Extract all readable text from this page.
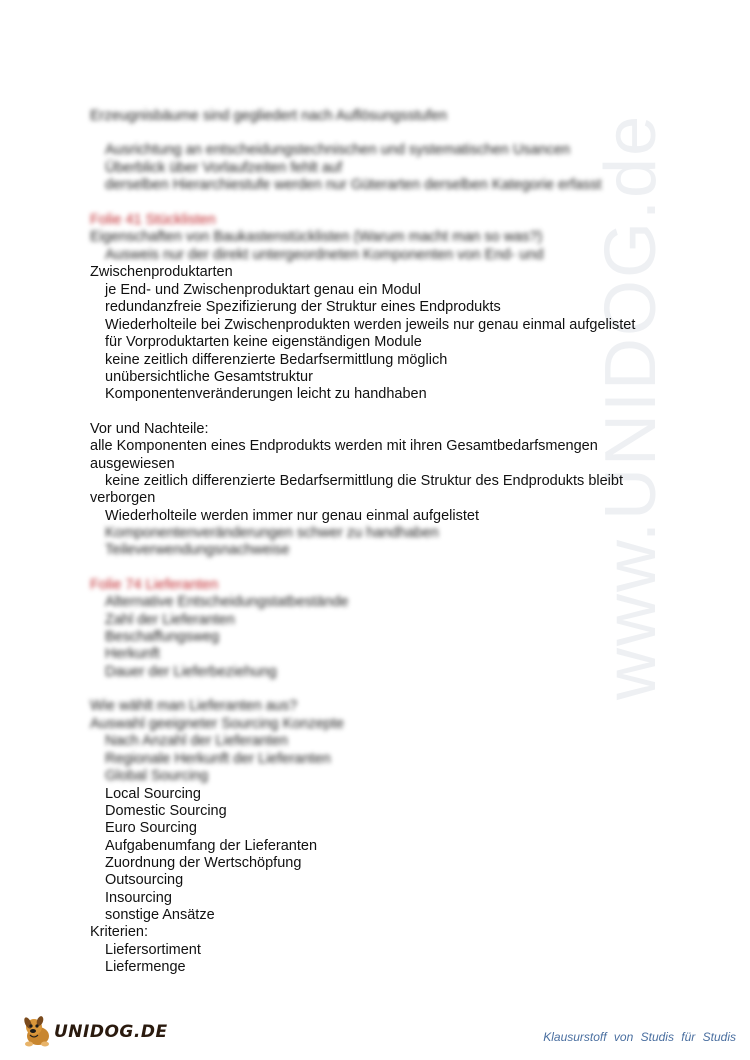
www.UNIDOG.de
Erzeugnisbäume sind gegliedert nach Auflösungsstufen
Ausrichtung an entscheidungstechnischen und systematischen Usancen
Überblick über Vorlaufzeiten fehlt auf
derselben Hierarchiestufe werden nur Güterarten derselben Kategorie erfasst
Folie 41 Stücklisten
Eigenschaften von Baukastenstücklisten (Warum macht man so was?)
Ausweis nur der direkt untergeordneten Komponenten von End- und
Zwischenproduktarten
je End- und Zwischenproduktart genau ein Modul
redundanzfreie Spezifizierung der Struktur eines Endprodukts
Wiederholteile bei Zwischenprodukten werden jeweils nur genau einmal aufgelistet
für Vorproduktarten keine eigenständigen Module
keine zeitlich differenzierte Bedarfsermittlung möglich
unübersichtliche Gesamtstruktur
Komponentenveränderungen leicht zu handhaben
Vor und Nachteile:
alle Komponenten eines Endprodukts werden mit ihren Gesamtbedarfsmengen
ausgewiesen
keine zeitlich differenzierte Bedarfsermittlung die Struktur des Endprodukts bleibt
verborgen
Wiederholteile werden immer nur genau einmal aufgelistet
Komponentenveränderungen schwer zu handhaben
Teileverwendungsnachweise
Folie 74 Lieferanten
Alternative Entscheidungstatbestände
Zahl der Lieferanten
Beschaffungsweg
Herkunft
Dauer der Lieferbeziehung
Wie wählt man Lieferanten aus?
Auswahl geeigneter Sourcing Konzepte
Nach Anzahl der Lieferanten
Regionale Herkunft der Lieferanten
Global Sourcing
Local Sourcing
Domestic Sourcing
Euro Sourcing
Aufgabenumfang der Lieferanten
Zuordnung der Wertschöpfung
Outsourcing
Insourcing
sonstige Ansätze
Kriterien:
Liefersortiment
Liefermenge
UNIDOG.DE	Klausurstoff von Studis für Studis
